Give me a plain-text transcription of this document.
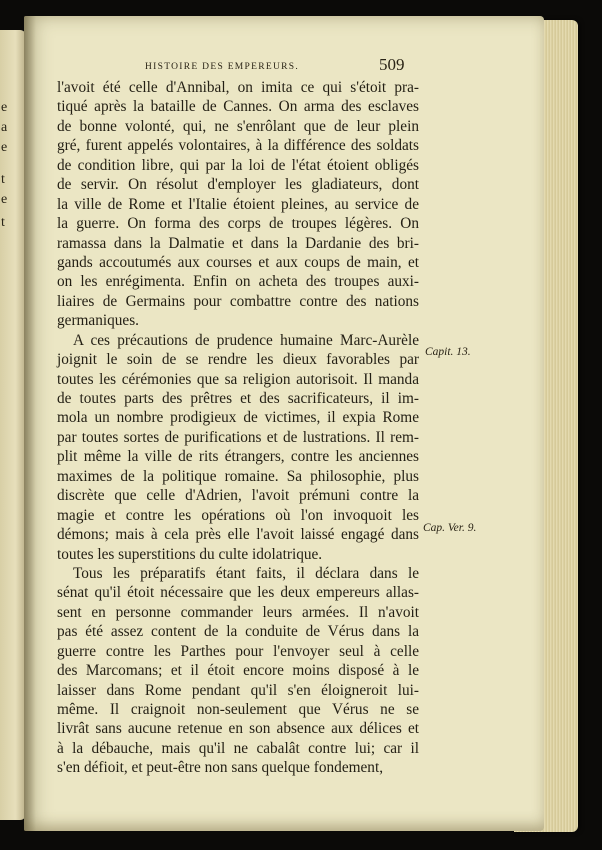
e
a
e
t
e
t
HISTOIRE DES EMPEREURS.	509
l'avoit été celle d'Annibal, on imita ce qui s'étoit pra-
tiqué après la bataille de Cannes. On arma des esclaves
de bonne volonté, qui, ne s'enrôlant que de leur plein
gré, furent appelés volontaires, à la différence des soldats
de condition libre, qui par la loi de l'état étoient obligés
de servir. On résolut d'employer les gladiateurs, dont
la ville de Rome et l'Italie étoient pleines, au service de
la guerre. On forma des corps de troupes légères. On
ramassa dans la Dalmatie et dans la Dardanie des bri-
gands accoutumés aux courses et aux coups de main, et
on les enrégimenta. Enfin on acheta des troupes auxi-
liaires de Germains pour combattre contre des nations
germaniques.
A ces précautions de prudence humaine Marc-Aurèle
joignit le soin de se rendre les dieux favorables par
toutes les cérémonies que sa religion autorisoit. Il manda
de toutes parts des prêtres et des sacrificateurs, il im-
mola un nombre prodigieux de victimes, il expia Rome
par toutes sortes de purifications et de lustrations. Il rem-
plit même la ville de rits étrangers, contre les anciennes
maximes de la politique romaine. Sa philosophie, plus
discrète que celle d'Adrien, l'avoit prémuni contre la
magie et contre les opérations où l'on invoquoit les
démons; mais à cela près elle l'avoit laissé engagé dans
toutes les superstitions du culte idolatrique.
Tous les préparatifs étant faits, il déclara dans le
sénat qu'il étoit nécessaire que les deux empereurs allas-
sent en personne commander leurs armées. Il n'avoit
pas été assez content de la conduite de Vérus dans la
guerre contre les Parthes pour l'envoyer seul à celle
des Marcomans; et il étoit encore moins disposé à le
laisser dans Rome pendant qu'il s'en éloigneroit lui-
même. Il craignoit non-seulement que Vérus ne se
livrât sans aucune retenue en son absence aux délices et
à la débauche, mais qu'il ne cabalât contre lui; car il
s'en défioit, et peut-être non sans quelque fondement,
Capit. 13.
Cap. Ver. 9.
